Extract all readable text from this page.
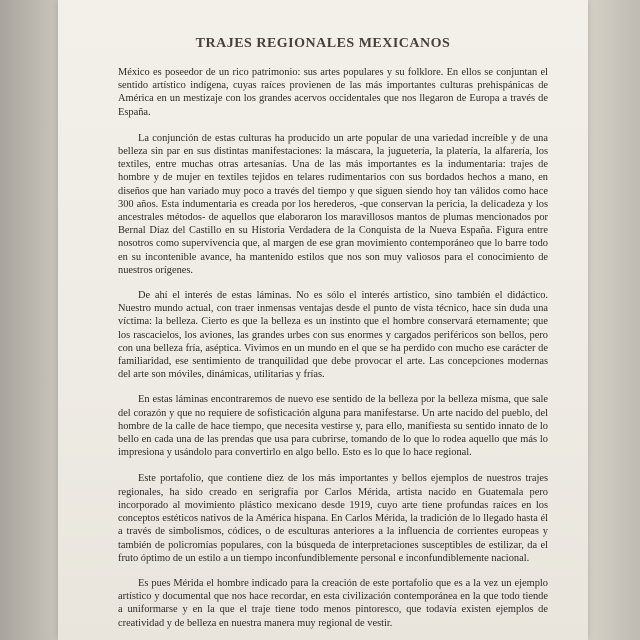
TRAJES REGIONALES MEXICANOS

México es poseedor de un rico patrimonio: sus artes populares y su folklore. En ellos se conjuntan el sentido artístico indígena, cuyas raíces provienen de las más importantes culturas prehispánicas de América en un mestizaje con los grandes acervos occidentales que nos llegaron de Europa a través de España.

La conjunción de estas culturas ha producido un arte popular de una variedad increíble y de una belleza sin par en sus distintas manifestaciones: la máscara, la juguetería, la platería, la alfarería, los textiles, entre muchas otras artesanías. Una de las más importantes es la indumentaria: trajes de hombre y de mujer en textiles tejidos en telares rudimentarios con sus bordados hechos a mano, en diseños que han variado muy poco a través del tiempo y que siguen siendo hoy tan válidos como hace 300 años. Esta indumentaria es creada por los herederos, -que conservan la pericia, la delicadeza y los ancestrales métodos- de aquellos que elaboraron los maravillosos mantos de plumas mencionados por Bernal Díaz del Castillo en su Historia Verdadera de la Conquista de la Nueva España. Figura entre nosotros como supervivencia que, al margen de ese gran movimiento contemporáneo que lo barre todo en su incontenible avance, ha mantenido estilos que nos son muy valiosos para el conocimiento de nuestros orígenes.

De ahí el interés de estas láminas. No es sólo el interés artístico, sino también el didáctico. Nuestro mundo actual, con traer inmensas ventajas desde el punto de vista técnico, hace sin duda una víctima: la belleza. Cierto es que la belleza es un instinto que el hombre conservará eternamente; que los rascacielos, los aviones, las grandes urbes con sus enormes y cargados periféricos son bellos, pero con una belleza fría, aséptica. Vivimos en un mundo en el que se ha perdido con mucho ese carácter de familiaridad, ese sentimiento de tranquilidad que debe provocar el arte. Las concepciones modernas del arte son móviles, dinámicas, utilitarias y frías.

En estas láminas encontraremos de nuevo ese sentido de la belleza por la belleza misma, que sale del corazón y que no requiere de sofisticación alguna para manifestarse. Un arte nacido del pueblo, del hombre de la calle de hace tiempo, que necesita vestirse y, para ello, manifiesta su sentido innato de lo bello en cada una de las prendas que usa para cubrirse, tomando de lo que lo rodea aquello que más lo impresiona y usándolo para convertirlo en algo bello. Esto es lo que lo hace regional.

Este portafolio, que contiene diez de los más importantes y bellos ejemplos de nuestros trajes regionales, ha sido creado en serigrafía por Carlos Mérida, artista nacido en Guatemala pero incorporado al movimiento plástico mexicano desde 1919, cuyo arte tiene profundas raíces en los conceptos estéticos nativos de la América hispana. En Carlos Mérida, la tradición de lo llegado hasta él a través de simbolismos, códices, o de esculturas anteriores a la influencia de corrientes europeas y también de policromías populares, con la búsqueda de interpretaciones susceptibles de estilizar, da el fruto óptimo de un estilo a un tiempo inconfundiblemente personal e inconfundiblemente nacional.

Es pues Mérida el hombre indicado para la creación de este portafolio que es a la vez un ejemplo artístico y documental que nos hace recordar, en esta civilización contemporánea en la que todo tiende a uniformarse y en la que el traje tiene todo menos pintoresco, que todavía existen ejemplos de creatividad y de belleza en nuestra manera muy regional de vestir.
